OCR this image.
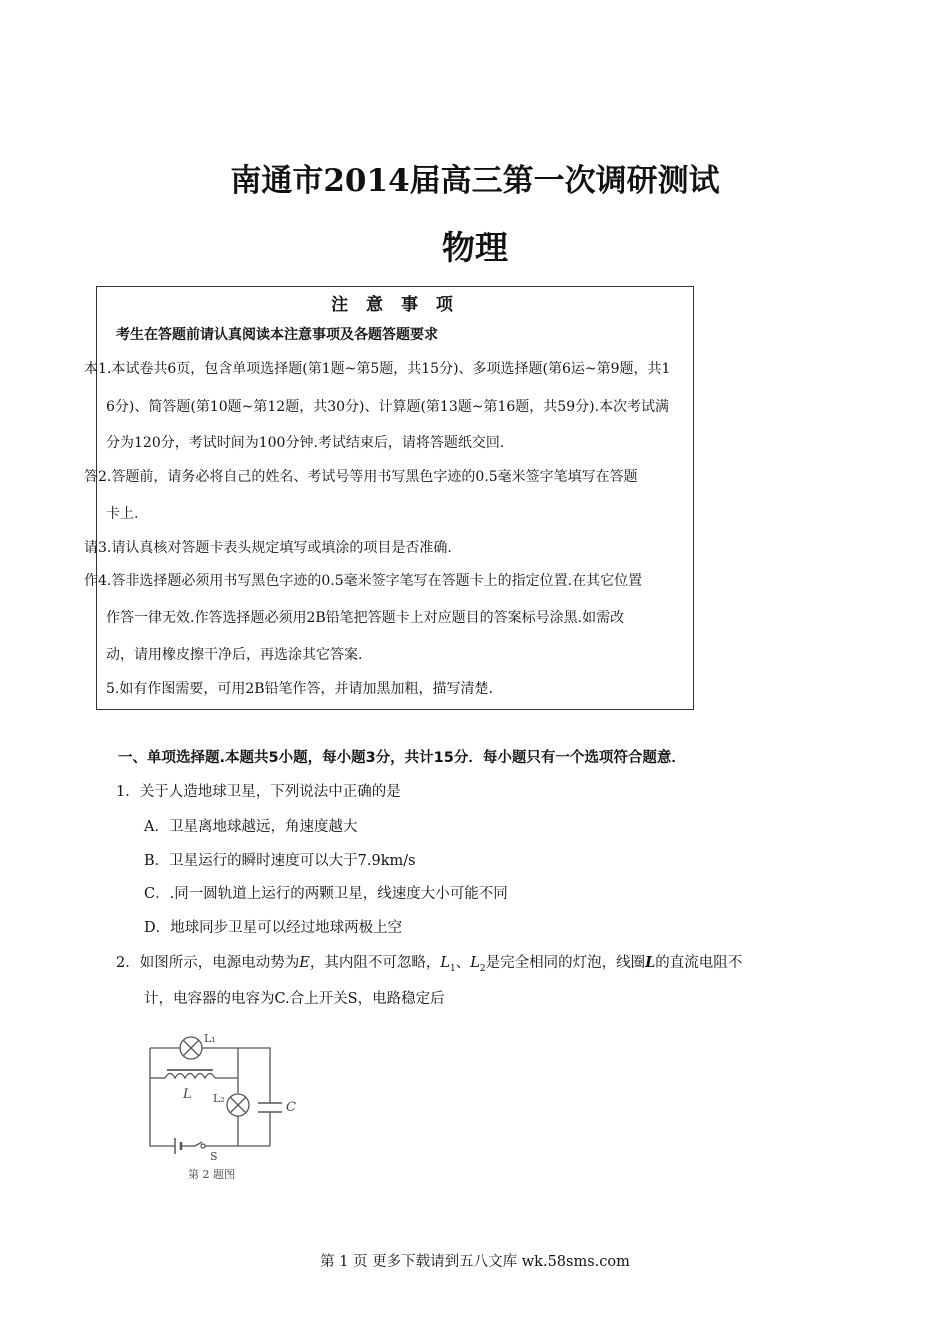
南通市2014届高三第一次调研测试
物理
注 意 事 项
考生在答题前请认真阅读本注意事项及各题答题要求
本1.本试卷共6页，包含单项选择题(第1题~第5题，共15分)、多项选择题(第6运~第9题，共1
6分)、简答题(第10题~第12题，共30分)、计算题(第13题~第16题，共59分).本次考试满
分为120分，考试时间为100分钟.考试结束后，请将答题纸交回.
答2.答题前，请务必将自己的姓名、考试号等用书写黑色字迹的0.5毫米签字笔填写在答题
卡上.
请3.请认真核对答题卡表头规定填写或填涂的项目是否准确.
作4.答非选择题必须用书写黑色字迹的0.5毫米签字笔写在答题卡上的指定位置.在其它位置
作答一律无效.作答选择题必须用2B铅笔把答题卡上对应题目的答案标号涂黑.如需改
动，请用橡皮擦干净后，再选涂其它答案.
5.如有作图需要，可用2B铅笔作答，并请加黑加粗，描写清楚.
一、单项选择题.本题共5小题，每小题3分，共计15分．每小题只有一个选项符合题意．
1．关于人造地球卫星，下列说法中正确的是
A．卫星离地球越远，角速度越大
B．卫星运行的瞬时速度可以大于7.9km/s
C．.同一圆轨道上运行的两颗卫星，线速度大小可能不同
D．地球同步卫星可以经过地球两极上空
2．如图所示，电源电动势为E，其内阻不可忽略，$L_1$、$L_2$是完全相同的灯泡，线圈L的直流电阻不
计，电容器的电容为C.合上开关S，电路稳定后
L₁
L L₂
C
S
第 2 题图
第 1 页 更多下载请到五八文库 wk.58sms.com
